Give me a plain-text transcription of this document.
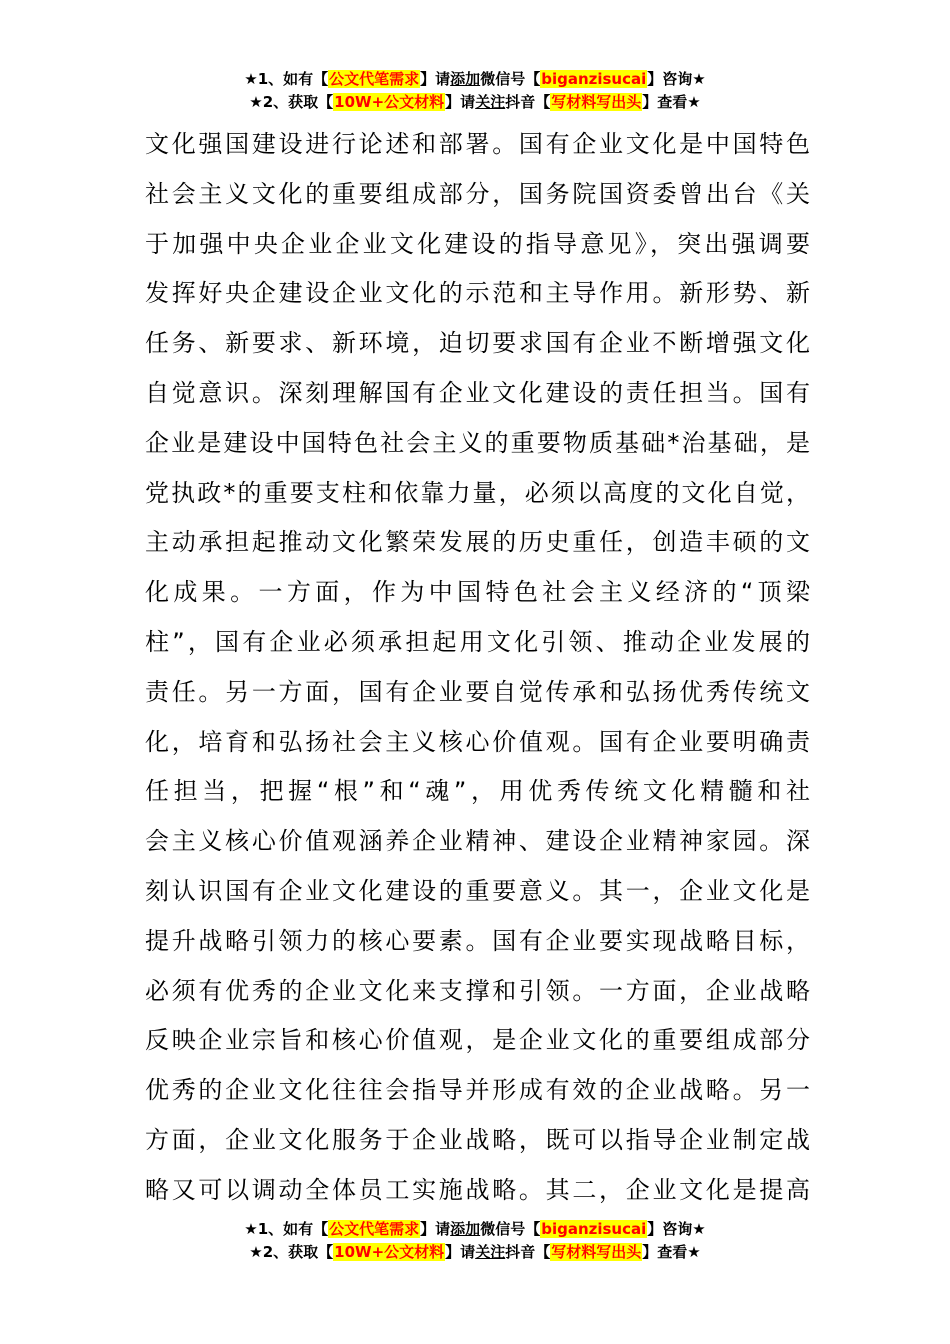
★1、如有【公文代笔需求】请添加微信号【biganzisucai】咨询★
★2、获取【10W+公文材料】请关注抖音【写材料写出头】查看★
文化强国建设进行论述和部署。国有企业文化是中国特色
社会主义文化的重要组成部分，国务院国资委曾出台《关
于加强中央企业企业文化建设的指导意见》，突出强调要
发挥好央企建设企业文化的示范和主导作用。新形势、新
任务、新要求、新环境，迫切要求国有企业不断增强文化
自觉意识。深刻理解国有企业文化建设的责任担当。国有
企业是建设中国特色社会主义的重要物质基础*治基础，是
党执政*的重要支柱和依靠力量，必须以高度的文化自觉，
主动承担起推动文化繁荣发展的历史重任，创造丰硕的文
化成果。一方面，作为中国特色社会主义经济的“顶梁
柱”，国有企业必须承担起用文化引领、推动企业发展的
责任。另一方面，国有企业要自觉传承和弘扬优秀传统文
化，培育和弘扬社会主义核心价值观。国有企业要明确责
任担当，把握“根”和“魂”，用优秀传统文化精髓和社
会主义核心价值观涵养企业精神、建设企业精神家园。深
刻认识国有企业文化建设的重要意义。其一，企业文化是
提升战略引领力的核心要素。国有企业要实现战略目标，
必须有优秀的企业文化来支撑和引领。一方面，企业战略
反映企业宗旨和核心价值观，是企业文化的重要组成部分
优秀的企业文化往往会指导并形成有效的企业战略。另一
方面，企业文化服务于企业战略，既可以指导企业制定战
略又可以调动全体员工实施战略。其二，企业文化是提高
★1、如有【公文代笔需求】请添加微信号【biganzisucai】咨询★
★2、获取【10W+公文材料】请关注抖音【写材料写出头】查看★
